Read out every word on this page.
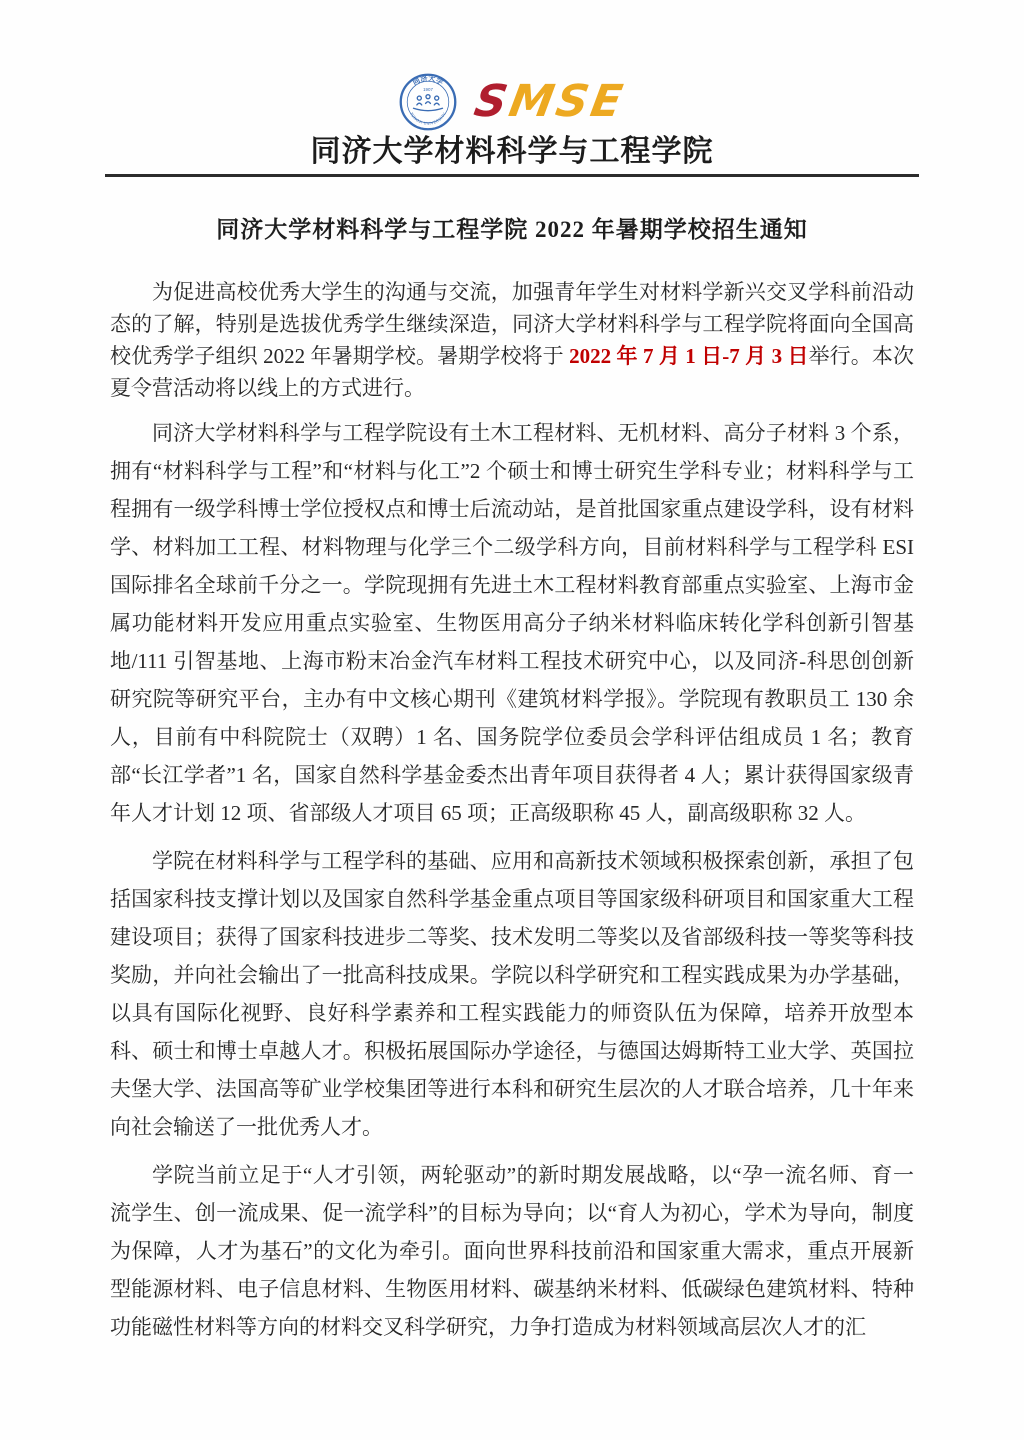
同济大学
1907
TONGJI UNIVERSITY SMSE
同济大学材料科学与工程学院
同济大学材料科学与工程学院 2022 年暑期学校招生通知

为促进高校优秀大学生的沟通与交流，加强青年学生对材料学新兴交叉学科前沿动态的了解，特别是选拔优秀学生继续深造，同济大学材料科学与工程学院将面向全国高校优秀学子组织 2022 年暑期学校。暑期学校将于 2022 年 7 月 1 日-7 月 3 日举行。本次夏令营活动将以线上的方式进行。

同济大学材料科学与工程学院设有土木工程材料、无机材料、高分子材料 3 个系，拥有“材料科学与工程”和“材料与化工”2 个硕士和博士研究生学科专业；材料科学与工程拥有一级学科博士学位授权点和博士后流动站，是首批国家重点建设学科，设有材料学、材料加工工程、材料物理与化学三个二级学科方向，目前材料科学与工程学科 ESI 国际排名全球前千分之一。学院现拥有先进土木工程材料教育部重点实验室、上海市金属功能材料开发应用重点实验室、生物医用高分子纳米材料临床转化学科创新引智基地/111 引智基地、上海市粉末冶金汽车材料工程技术研究中心，以及同济-科思创创新研究院等研究平台，主办有中文核心期刊《建筑材料学报》。学院现有教职员工 130 余人，目前有中科院院士（双聘）1 名、国务院学位委员会学科评估组成员 1 名；教育部“长江学者”1 名，国家自然科学基金委杰出青年项目获得者 4 人；累计获得国家级青年人才计划 12 项、省部级人才项目 65 项；正高级职称 45 人，副高级职称 32 人。

学院在材料科学与工程学科的基础、应用和高新技术领域积极探索创新，承担了包括国家科技支撑计划以及国家自然科学基金重点项目等国家级科研项目和国家重大工程建设项目；获得了国家科技进步二等奖、技术发明二等奖以及省部级科技一等奖等科技奖励，并向社会输出了一批高科技成果。学院以科学研究和工程实践成果为办学基础，以具有国际化视野、良好科学素养和工程实践能力的师资队伍为保障，培养开放型本科、硕士和博士卓越人才。积极拓展国际办学途径，与德国达姆斯特工业大学、英国拉夫堡大学、法国高等矿业学校集团等进行本科和研究生层次的人才联合培养，几十年来向社会输送了一批优秀人才。

学院当前立足于“人才引领，两轮驱动”的新时期发展战略，以“孕一流名师、育一流学生、创一流成果、促一流学科”的目标为导向；以“育人为初心，学术为导向，制度为保障，人才为基石”的文化为牵引。面向世界科技前沿和国家重大需求，重点开展新型能源材料、电子信息材料、生物医用材料、碳基纳米材料、低碳绿色建筑材料、特种功能磁性材料等方向的材料交叉科学研究，力争打造成为材料领域高层次人才的汇
